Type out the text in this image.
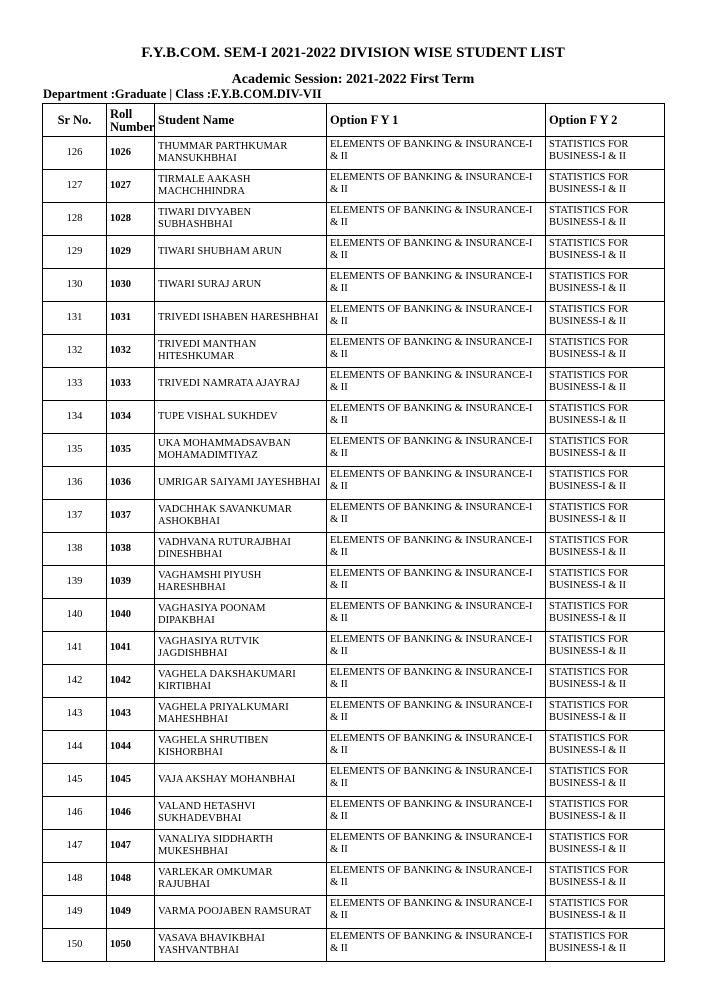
F.Y.B.COM. SEM-I 2021-2022 DIVISION WISE STUDENT LIST
Academic Session: 2021-2022 First Term
Department :Graduate | Class :F.Y.B.COM.DIV-VII
Sr No.	Roll Number	Student Name	Option F Y 1	Option F Y 2
126	1026	THUMMAR PARTHKUMAR MANSUKHBHAI	ELEMENTS OF BANKING & INSURANCE-I & II	STATISTICS FOR BUSINESS-I & II
127	1027	TIRMALE AAKASH MACHCHHINDRA	ELEMENTS OF BANKING & INSURANCE-I & II	STATISTICS FOR BUSINESS-I & II
128	1028	TIWARI DIVYABEN SUBHASHBHAI	ELEMENTS OF BANKING & INSURANCE-I & II	STATISTICS FOR BUSINESS-I & II
129	1029	TIWARI SHUBHAM ARUN	ELEMENTS OF BANKING & INSURANCE-I & II	STATISTICS FOR BUSINESS-I & II
130	1030	TIWARI SURAJ ARUN	ELEMENTS OF BANKING & INSURANCE-I & II	STATISTICS FOR BUSINESS-I & II
131	1031	TRIVEDI ISHABEN HARESHBHAI	ELEMENTS OF BANKING & INSURANCE-I & II	STATISTICS FOR BUSINESS-I & II
132	1032	TRIVEDI MANTHAN HITESHKUMAR	ELEMENTS OF BANKING & INSURANCE-I & II	STATISTICS FOR BUSINESS-I & II
133	1033	TRIVEDI NAMRATA AJAYRAJ	ELEMENTS OF BANKING & INSURANCE-I & II	STATISTICS FOR BUSINESS-I & II
134	1034	TUPE VISHAL SUKHDEV	ELEMENTS OF BANKING & INSURANCE-I & II	STATISTICS FOR BUSINESS-I & II
135	1035	UKA MOHAMMADSAVBAN MOHAMADIMTIYAZ	ELEMENTS OF BANKING & INSURANCE-I & II	STATISTICS FOR BUSINESS-I & II
136	1036	UMRIGAR SAIYAMI JAYESHBHAI	ELEMENTS OF BANKING & INSURANCE-I & II	STATISTICS FOR BUSINESS-I & II
137	1037	VADCHHAK SAVANKUMAR ASHOKBHAI	ELEMENTS OF BANKING & INSURANCE-I & II	STATISTICS FOR BUSINESS-I & II
138	1038	VADHVANA RUTURAJBHAI DINESHBHAI	ELEMENTS OF BANKING & INSURANCE-I & II	STATISTICS FOR BUSINESS-I & II
139	1039	VAGHAMSHI PIYUSH HARESHBHAI	ELEMENTS OF BANKING & INSURANCE-I & II	STATISTICS FOR BUSINESS-I & II
140	1040	VAGHASIYA POONAM DIPAKBHAI	ELEMENTS OF BANKING & INSURANCE-I & II	STATISTICS FOR BUSINESS-I & II
141	1041	VAGHASIYA RUTVIK JAGDISHBHAI	ELEMENTS OF BANKING & INSURANCE-I & II	STATISTICS FOR BUSINESS-I & II
142	1042	VAGHELA DAKSHAKUMARI KIRTIBHAI	ELEMENTS OF BANKING & INSURANCE-I & II	STATISTICS FOR BUSINESS-I & II
143	1043	VAGHELA PRIYALKUMARI MAHESHBHAI	ELEMENTS OF BANKING & INSURANCE-I & II	STATISTICS FOR BUSINESS-I & II
144	1044	VAGHELA SHRUTIBEN KISHORBHAI	ELEMENTS OF BANKING & INSURANCE-I & II	STATISTICS FOR BUSINESS-I & II
145	1045	VAJA AKSHAY MOHANBHAI	ELEMENTS OF BANKING & INSURANCE-I & II	STATISTICS FOR BUSINESS-I & II
146	1046	VALAND HETASHVI SUKHADEVBHAI	ELEMENTS OF BANKING & INSURANCE-I & II	STATISTICS FOR BUSINESS-I & II
147	1047	VANALIYA SIDDHARTH MUKESHBHAI	ELEMENTS OF BANKING & INSURANCE-I & II	STATISTICS FOR BUSINESS-I & II
148	1048	VARLEKAR OMKUMAR RAJUBHAI	ELEMENTS OF BANKING & INSURANCE-I & II	STATISTICS FOR BUSINESS-I & II
149	1049	VARMA POOJABEN RAMSURAT	ELEMENTS OF BANKING & INSURANCE-I & II	STATISTICS FOR BUSINESS-I & II
150	1050	VASAVA BHAVIKBHAI YASHVANTBHAI	ELEMENTS OF BANKING & INSURANCE-I & II	STATISTICS FOR BUSINESS-I & II
